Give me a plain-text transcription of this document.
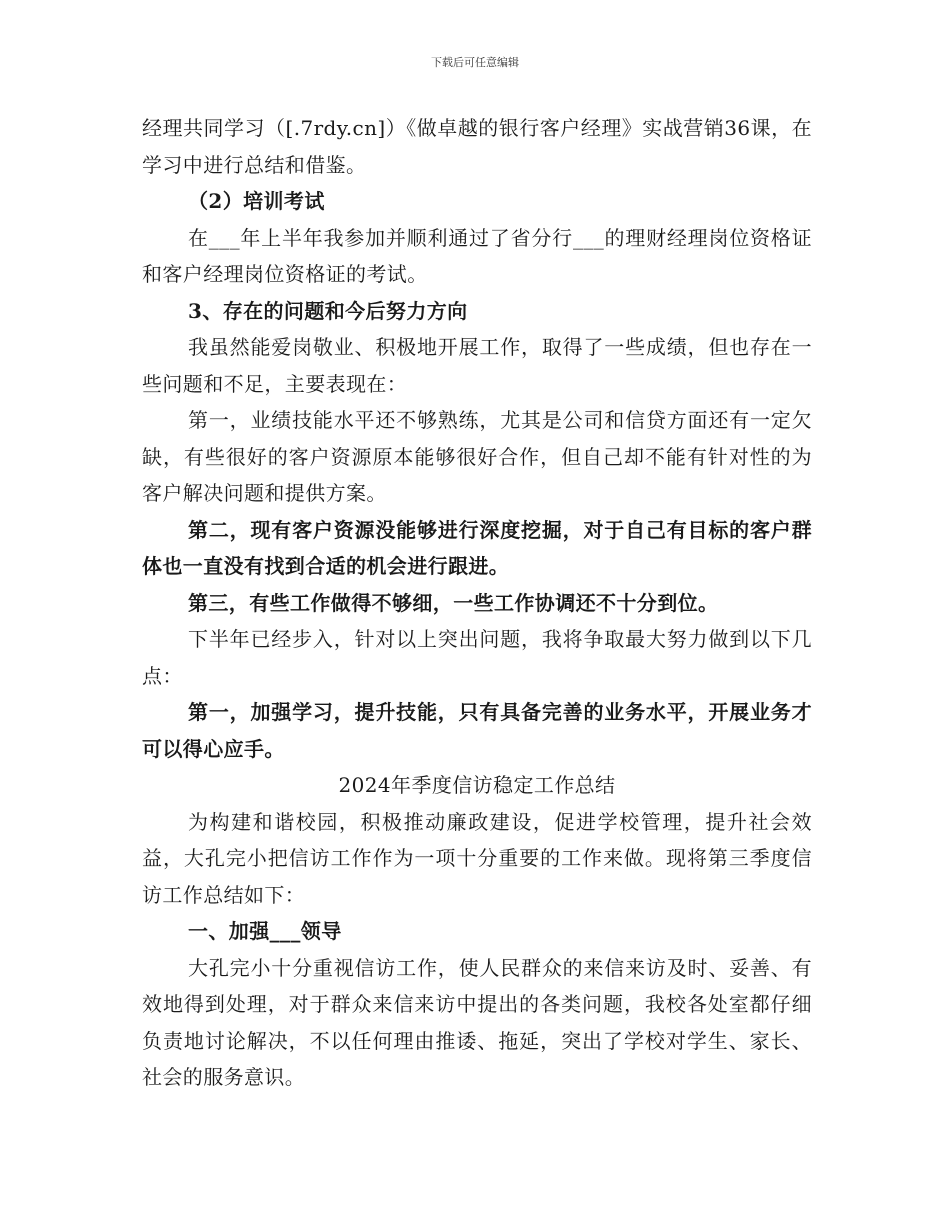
下载后可任意编辑

经理共同学习（[.7rdy.cn]）《做卓越的银行客户经理》实战营销36课，在学习中进行总结和借鉴。

（2）培训考试

在___年上半年我参加并顺利通过了省分行___的理财经理岗位资格证和客户经理岗位资格证的考试。

3、存在的问题和今后努力方向

我虽然能爱岗敬业、积极地开展工作，取得了一些成绩，但也存在一些问题和不足，主要表现在：

第一，业绩技能水平还不够熟练，尤其是公司和信贷方面还有一定欠缺，有些很好的客户资源原本能够很好合作，但自己却不能有针对性的为客户解决问题和提供方案。

第二，现有客户资源没能够进行深度挖掘，对于自己有目标的客户群体也一直没有找到合适的机会进行跟进。

第三，有些工作做得不够细，一些工作协调还不十分到位。

下半年已经步入，针对以上突出问题，我将争取最大努力做到以下几点：

第一，加强学习，提升技能，只有具备完善的业务水平，开展业务才可以得心应手。

2024年季度信访稳定工作总结

为构建和谐校园，积极推动廉政建设，促进学校管理，提升社会效益，大孔完小把信访工作作为一项十分重要的工作来做。现将第三季度信访工作总结如下：

一、加强___领导

大孔完小十分重视信访工作，使人民群众的来信来访及时、妥善、有效地得到处理，对于群众来信来访中提出的各类问题，我校各处室都仔细负责地讨论解决，不以任何理由推诿、拖延，突出了学校对学生、家长、社会的服务意识。
